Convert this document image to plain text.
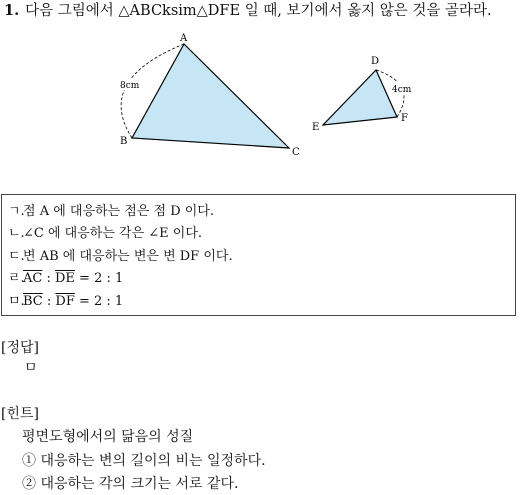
1. 다음 그림에서 △ABCksim△DFE 일 때, 보기에서 옳지 않은 것을 골라라.
8cm	4cm
A
B
C
D
E
F
ㄱ.점 A 에 대응하는 점은 점 D 이다.
ㄴ.∠C 에 대응하는 각은 ∠E 이다.
ㄷ.변 AB 에 대응하는 변은 변 DF 이다.
ㄹ$.\overline{AC}$ : $\overline{DE} = 2$ : 1
ㅁ$.\overline{BC}$ : $\overline{DF} = 2$ : 1
[정답]
ㅁ
[힌트]
평면도형에서의 닮음의 성질
① 대응하는 변의 길이의 비는 일정하다.
② 대응하는 각의 크기는 서로 같다.
